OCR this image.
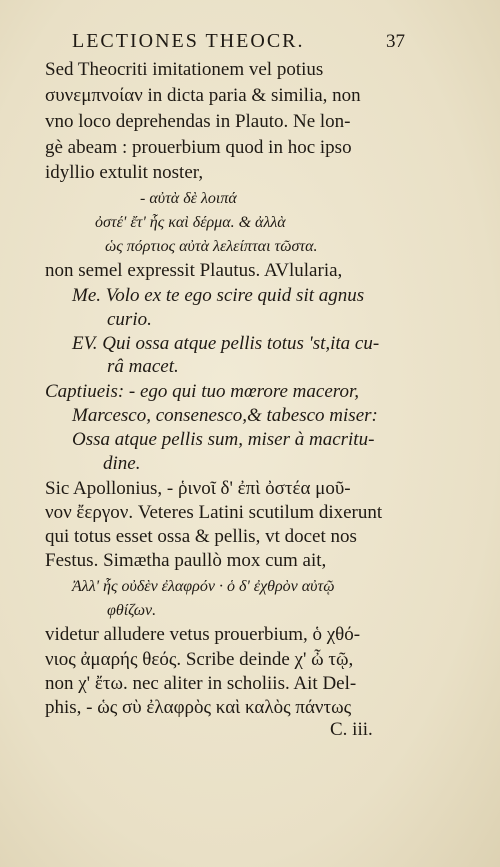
LECTIONES THEOCR.	37
Sed Theocriti imitationem vel potius
συνεμπνοίαν in dicta paria & similia, non
vno loco deprehendas in Plauto. Ne lon-
gè abeam : prouerbium quod in hoc ipso
idyllio extulit noster,
- αὐτὰ δὲ λοιπά
ὀστέ' ἔτ' ἧς καὶ δέρμα. & ἀλλὰ
ὡς πόρτιος αὐτὰ λελείπται τῶστα.
non semel expressit Plautus. AVlularia,
Me. Volo ex te ego scire quid sit agnus
curio.
EV. Qui ossa atque pellis totus 'st,ita cu-
râ macet.
Captiueis: - ego qui tuo mœrore maceror,
Marcesco, consenesco,& tabesco miser:
Ossa atque pellis sum, miser à macritu-
dine.
Sic Apollonius, - ῥινοῖ δ' ἐπὶ ὀστέα μοῦ-
νον ἔεργον. Veteres Latini scutilum dixerunt
qui totus esset ossa & pellis, vt docet nos
Festus. Simætha paullò mox cum ait,
Ἀλλ' ἧς οὐδὲν ἐλαφρόν · ὁ δ' ἐχθρὸν αὐτῷ
φθίζων.
videtur alludere vetus prouerbium, ὁ χθό-
νιος ἀμαρής θεός. Scribe deinde χ' ὦ τῷ,
non χ' ἔτω. nec aliter in scholiis. Ait Del-
phis, - ὡς σὺ ἐλαφρὸς καὶ καλὸς πάντως
C. iii.
